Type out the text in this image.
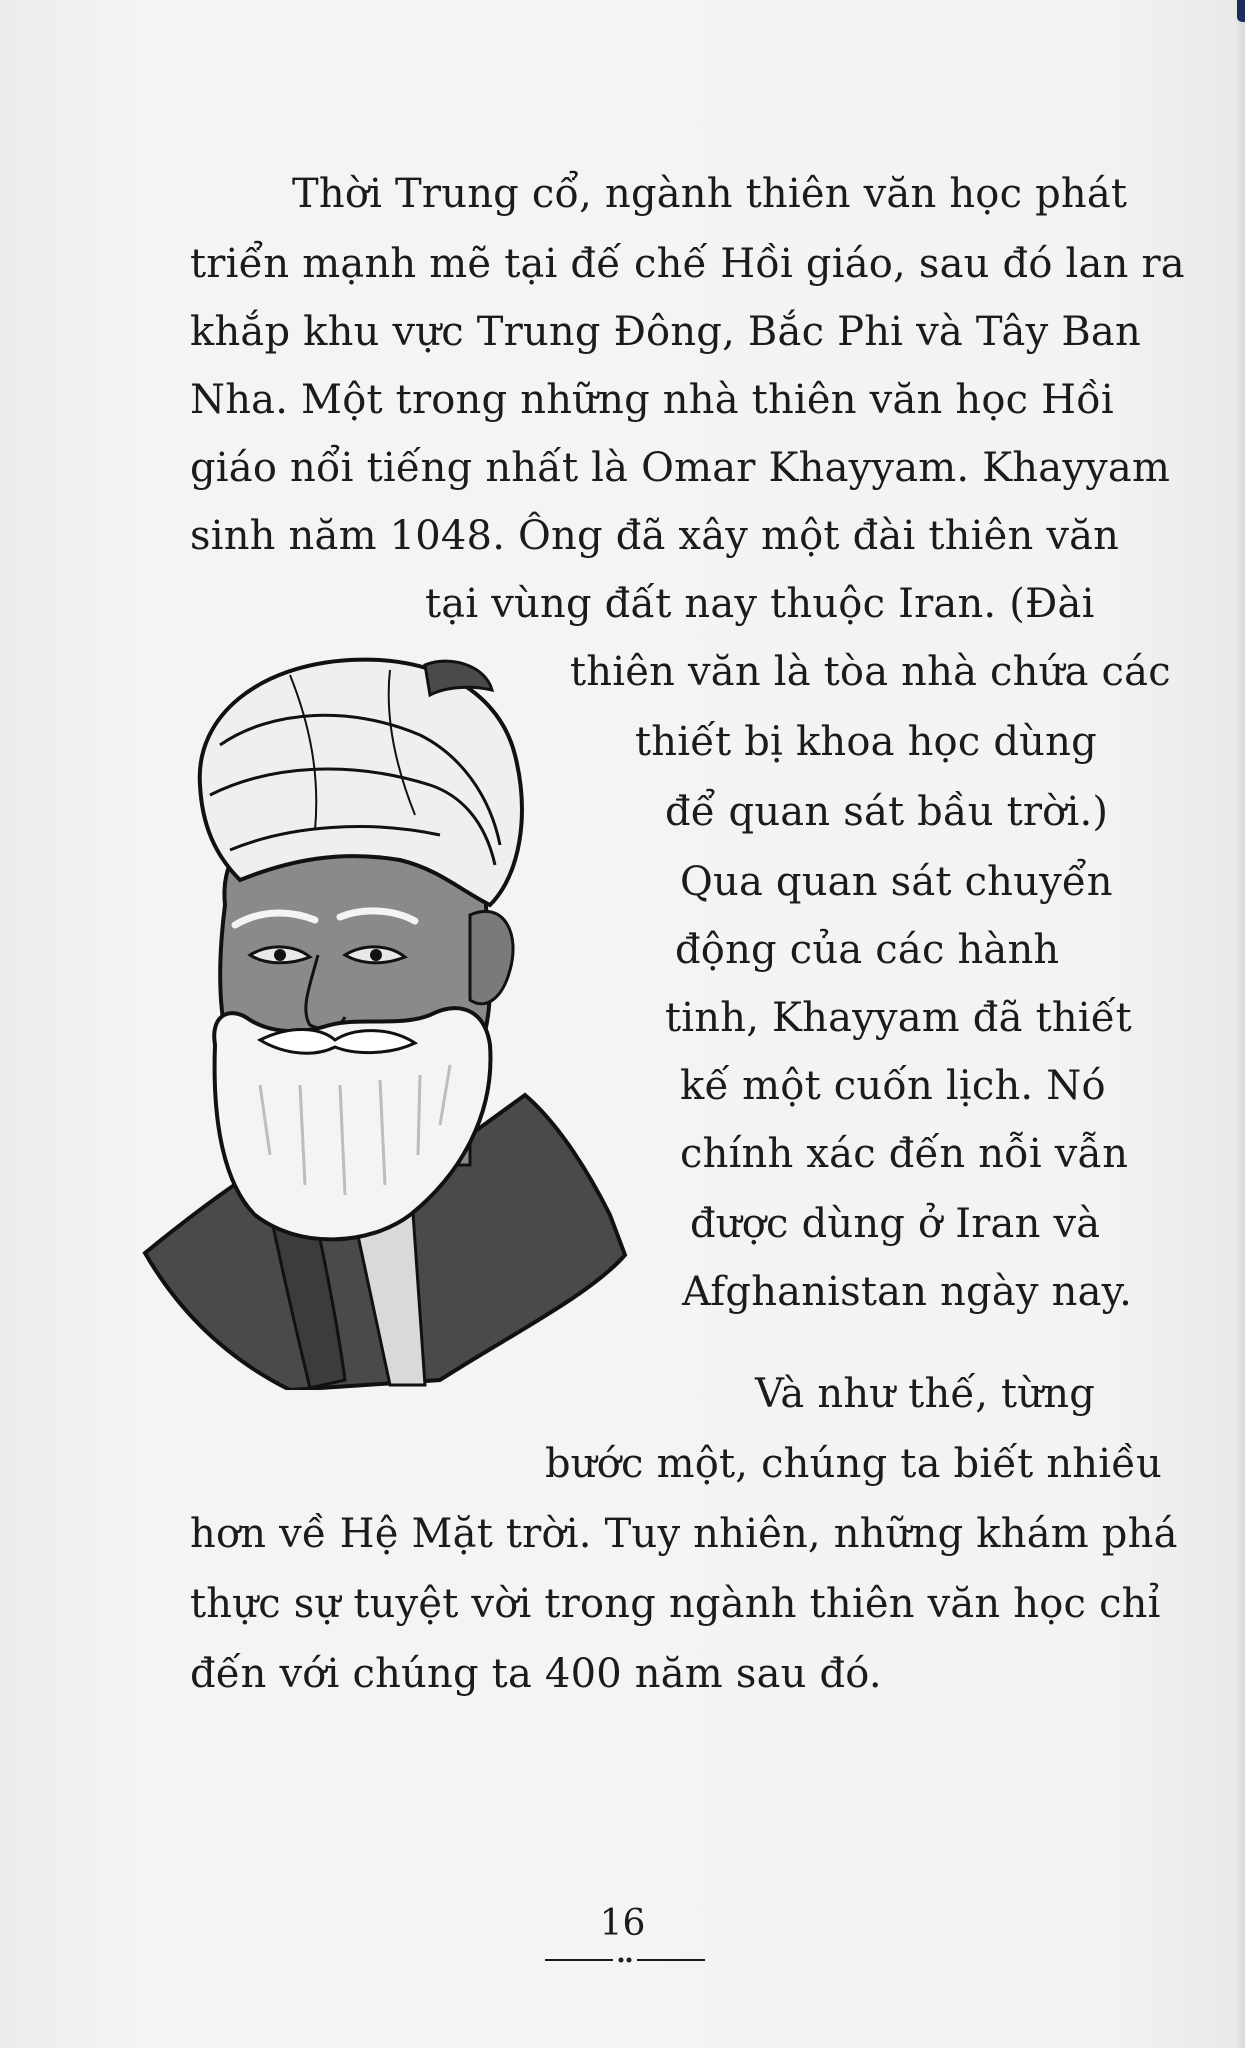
Thời Trung cổ, ngành thiên văn học phát
triển mạnh mẽ tại đế chế Hồi giáo, sau đó lan ra
khắp khu vực Trung Đông, Bắc Phi và Tây Ban
Nha. Một trong những nhà thiên văn học Hồi
giáo nổi tiếng nhất là Omar Khayyam. Khayyam
sinh năm 1048. Ông đã xây một đài thiên văn
tại vùng đất nay thuộc Iran. (Đài
thiên văn là tòa nhà chứa các
thiết bị khoa học dùng
để quan sát bầu trời.)
Qua quan sát chuyển
động của các hành
tinh, Khayyam đã thiết
kế một cuốn lịch. Nó
chính xác đến nỗi vẫn
được dùng ở Iran và
Afghanistan ngày nay.
Và như thế, từng
bước một, chúng ta biết nhiều
hơn về Hệ Mặt trời. Tuy nhiên, những khám phá
thực sự tuyệt vời trong ngành thiên văn học chỉ
đến với chúng ta 400 năm sau đó.
16
